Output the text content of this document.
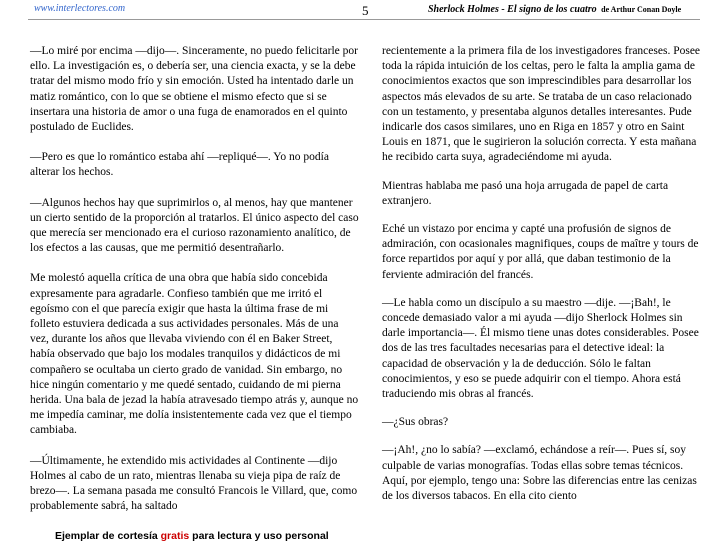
www.interlectores.com	5	Sherlock Holmes - El signo de los cuatro de Arthur Conan Doyle

—Lo miré por encima —dijo—. Sinceramente, no puedo felicitarle por ello. La investigación es, o debería ser, una ciencia exacta, y se la debe tratar del mismo modo frío y sin emoción. Usted ha intentado darle un matiz romántico, con lo que se obtiene el mismo efecto que si se insertara una historia de amor o una fuga de enamorados en el quinto postulado de Euclides.

—Pero es que lo romántico estaba ahí —repliqué—. Yo no podía alterar los hechos.

—Algunos hechos hay que suprimirlos o, al menos, hay que mantener un cierto sentido de la proporción al tratarlos. El único aspecto del caso que merecía ser mencionado era el curioso razonamiento analítico, de los efectos a las causas, que me permitió desentrañarlo.

Me molestó aquella crítica de una obra que había sido concebida expresamente para agradarle. Confieso también que me irritó el egoísmo con el que parecía exigir que hasta la última frase de mi folleto estuviera dedicada a sus actividades personales. Más de una vez, durante los años que llevaba viviendo con él en Baker Street, había observado que bajo los modales tranquilos y didácticos de mi compañero se ocultaba un cierto grado de vanidad. Sin embargo, no hice ningún comentario y me quedé sentado, cuidando de mi pierna herida. Una bala de jezad la había atravesado tiempo atrás y, aunque no me impedía caminar, me dolía insistentemente cada vez que el tiempo cambiaba.

—Últimamente, he extendido mis actividades al Continente —dijo Holmes al cabo de un rato, mientras llenaba su vieja pipa de raíz de brezo—. La semana pasada me consultó Francois le Villard, que, como probablemente sabrá, ha saltado

recientemente a la primera fila de los investigadores franceses. Posee toda la rápida intuición de los celtas, pero le falta la amplia gama de conocimientos exactos que son imprescindibles para desarrollar los aspectos más elevados de su arte. Se trataba de un caso relacionado con un testamento, y presentaba algunos detalles interesantes. Pude indicarle dos casos similares, uno en Riga en 1857 y otro en Saint Louis en 1871, que le sugirieron la solución correcta. Y esta mañana he recibido carta suya, agradeciéndome mi ayuda.

Mientras hablaba me pasó una hoja arrugada de papel de carta extranjero.

Eché un vistazo por encima y capté una profusión de signos de admiración, con ocasionales magnifiques, coups de maître y tours de force repartidos por aquí y por allá, que daban testimonio de la ferviente admiración del francés.

—Le habla como un discípulo a su maestro —dije. —¡Bah!, le concede demasiado valor a mi ayuda —dijo Sherlock Holmes sin darle importancia—. Él mismo tiene unas dotes considerables. Posee dos de las tres facultades necesarias para el detective ideal: la capacidad de observación y la de deducción. Sólo le faltan conocimientos, y eso se puede adquirir con el tiempo. Ahora está traduciendo mis obras al francés.

—¿Sus obras?

—¡Ah!, ¿no lo sabía? —exclamó, echándose a reír—. Pues sí, soy culpable de varias monografías. Todas ellas sobre temas técnicos. Aquí, por ejemplo, tengo una: Sobre las diferencias entre las cenizas de los diversos tabacos. En ella cito ciento

Ejemplar de cortesía gratis para lectura y uso personal
